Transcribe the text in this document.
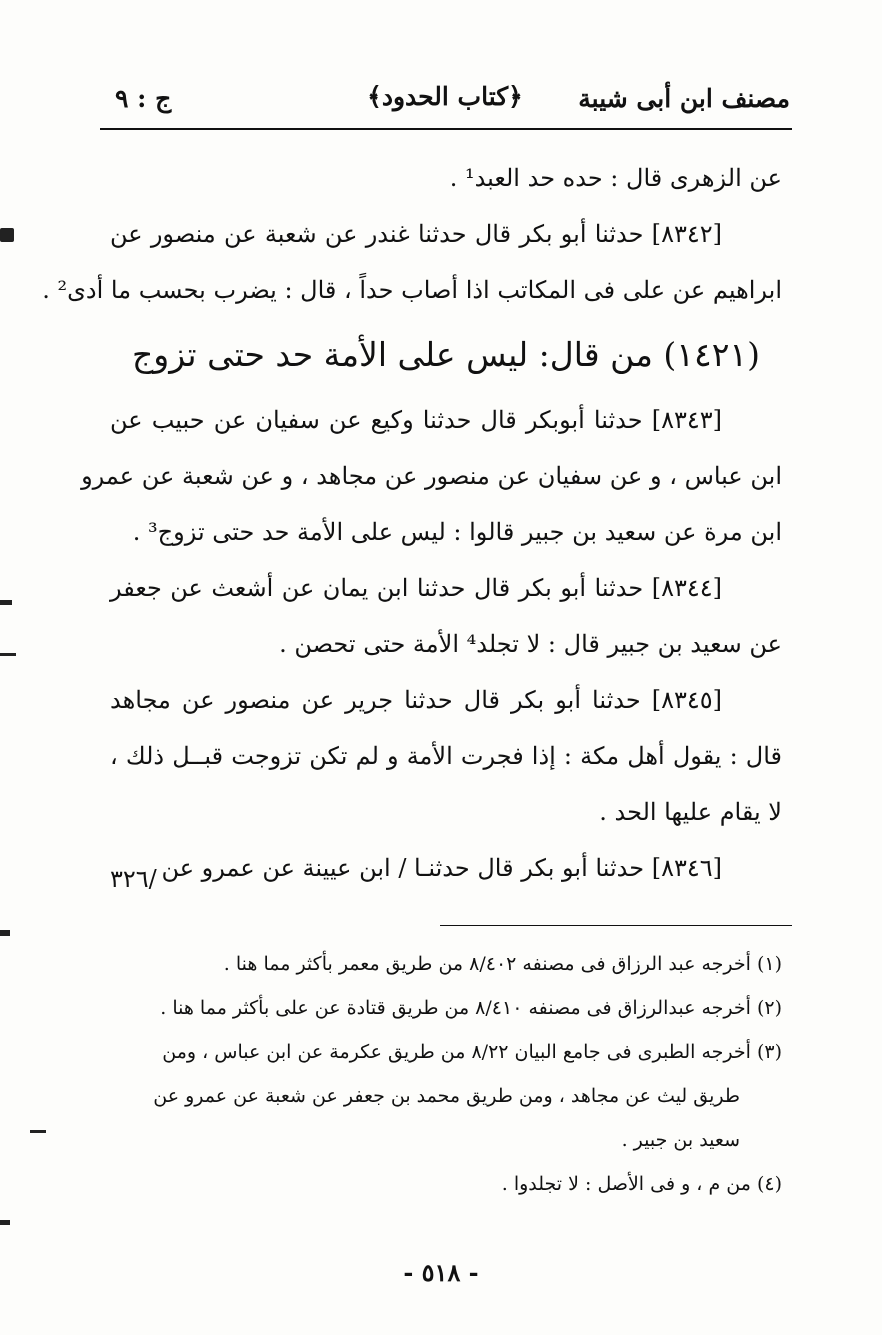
مصنف ابن أبى شيبة
﴿كتاب الحدود﴾
ج : ٩
عن الزهرى قال : حده حد العبد¹ .
[٨٣٤٢] حدثنا أبو بكر قال حدثنا غندر عن شعبة عن منصور عن
ابراهيم عن على فى المكاتب اذا أصاب حداً ، قال : يضرب بحسب ما أدى² .
(١٤٢١) من قال: ليس على الأمة حد حتى تزوج
[٨٣٤٣] حدثنا أبوبكر قال حدثنا وكيع عن سفيان عن حبيب عن
ابن عباس ، و عن سفيان عن منصور عن مجاهد ، و عن شعبة عن عمرو
ابن مرة عن سعيد بن جبير قالوا : ليس على الأمة حد حتى تزوج³ .
[٨٣٤٤] حدثنا أبو بكر قال حدثنا ابن يمان عن أشعث عن جعفر
عن سعيد بن جبير قال : لا تجلد⁴ الأمة حتى تحصن .
[٨٣٤٥] حدثنا أبو بكر قال حدثنا جرير عن منصور عن مجاهد
قال : يقول أهل مكة : إذا فجرت الأمة و لم تكن تزوجت قبــل ذلك ،
لا يقام عليها الحد .
[٨٣٤٦] حدثنا أبو بكر قال حدثنـا / ابن عيينة عن عمرو عن
٣٢٦/
(١) أخرجه عبد الرزاق فى مصنفه ٨/٤٠٢ من طريق معمر بأكثر مما هنا .
(٢) أخرجه عبدالرزاق فى مصنفه ٨/٤١٠ من طريق قتادة عن على بأكثر مما هنا .
(٣) أخرجه الطبرى فى جامع البيان ٨/٢٢ من طريق عكرمة عن ابن عباس ، ومن
طريق ليث عن مجاهد ، ومن طريق محمد بن جعفر عن شعبة عن عمرو عن
سعيد بن جبير .
(٤) من م ، و فى الأصل : لا تجلدوا .
- ٥١٨ -
